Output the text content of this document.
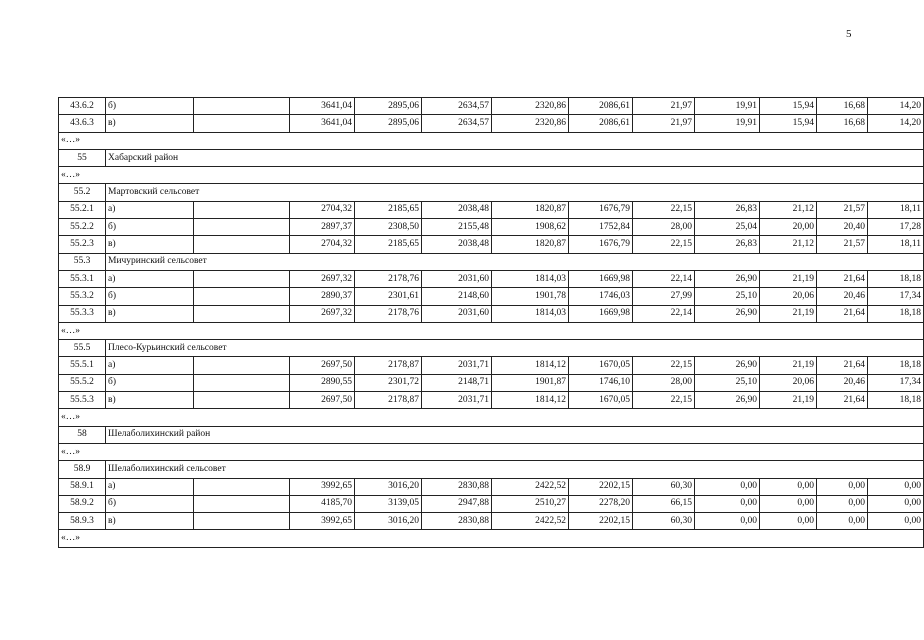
5
43.6.2	б)		3641,04	2895,06	2634,57	2320,86	2086,61	21,97	19,91	15,94	16,68	14,20	
43.6.3	в)		3641,04	2895,06	2634,57	2320,86	2086,61	21,97	19,91	15,94	16,68	14,20	
«…»													
55	Хабарский район												
«…»													
55.2	Мартовский сельсовет												
55.2.1	а)		2704,32	2185,65	2038,48	1820,87	1676,79	22,15	26,83	21,12	21,57	18,11	
55.2.2	б)		2897,37	2308,50	2155,48	1908,62	1752,84	28,00	25,04	20,00	20,40	17,28	
55.2.3	в)		2704,32	2185,65	2038,48	1820,87	1676,79	22,15	26,83	21,12	21,57	18,11	
55.3	Мичуринский сельсовет												
55.3.1	а)		2697,32	2178,76	2031,60	1814,03	1669,98	22,14	26,90	21,19	21,64	18,18	
55.3.2	б)		2890,37	2301,61	2148,60	1901,78	1746,03	27,99	25,10	20,06	20,46	17,34	
55.3.3	в)		2697,32	2178,76	2031,60	1814,03	1669,98	22,14	26,90	21,19	21,64	18,18	
«…»													
55.5	Плесо-Курьинский сельсовет												
55.5.1	а)		2697,50	2178,87	2031,71	1814,12	1670,05	22,15	26,90	21,19	21,64	18,18	
55.5.2	б)		2890,55	2301,72	2148,71	1901,87	1746,10	28,00	25,10	20,06	20,46	17,34	
55.5.3	в)		2697,50	2178,87	2031,71	1814,12	1670,05	22,15	26,90	21,19	21,64	18,18	
«…»													
58	Шелаболихинский район												
«…»													
58.9	Шелаболихинский сельсовет												
58.9.1	а)		3992,65	3016,20	2830,88	2422,52	2202,15	60,30	0,00	0,00	0,00	0,00	
58.9.2	б)		4185,70	3139,05	2947,88	2510,27	2278,20	66,15	0,00	0,00	0,00	0,00	
58.9.3	в)		3992,65	3016,20	2830,88	2422,52	2202,15	60,30	0,00	0,00	0,00	0,00	
«…»													
